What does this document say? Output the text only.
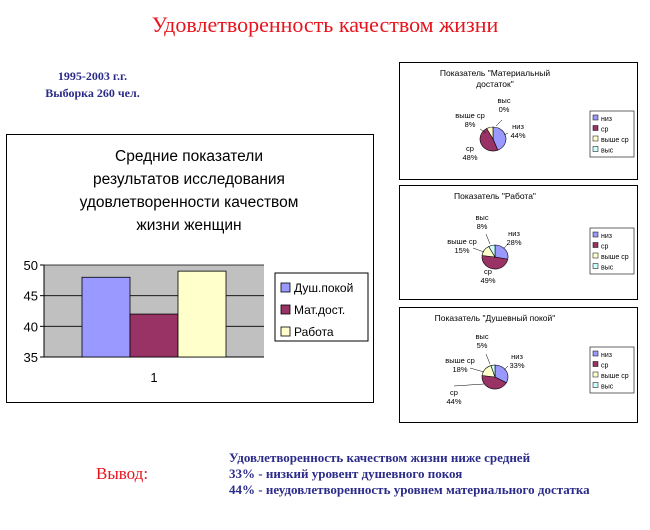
Удовлетворенность качеством жизни
1995-2003 г.г.
Выборка 260 чел.
Средние показатели
результатов исследования
удовлетворенности качеством
жизни женщин
35
40
45
50
1
Душ.покой
Мат.дост.
Работа
Показатель "Материальный
достаток"
низ
44%
ср
48%
выше ср
8%
выс
0%
низ
ср
выше ср
выс
Показатель "Работа"
низ
28%
ср
49%
выше ср
15%
выс
8%
низ
ср
выше ср
выс
Показатель "Душевный покой"
низ
33%
ср
44%
выше ср
18%
выс
5%
низ
ср
выше ср
выс
Вывод:
Удовлетворенность качеством жизни ниже средней
33% - низкий уровент душевного покоя
44% - неудовлетворенность уровнем материального достатка
